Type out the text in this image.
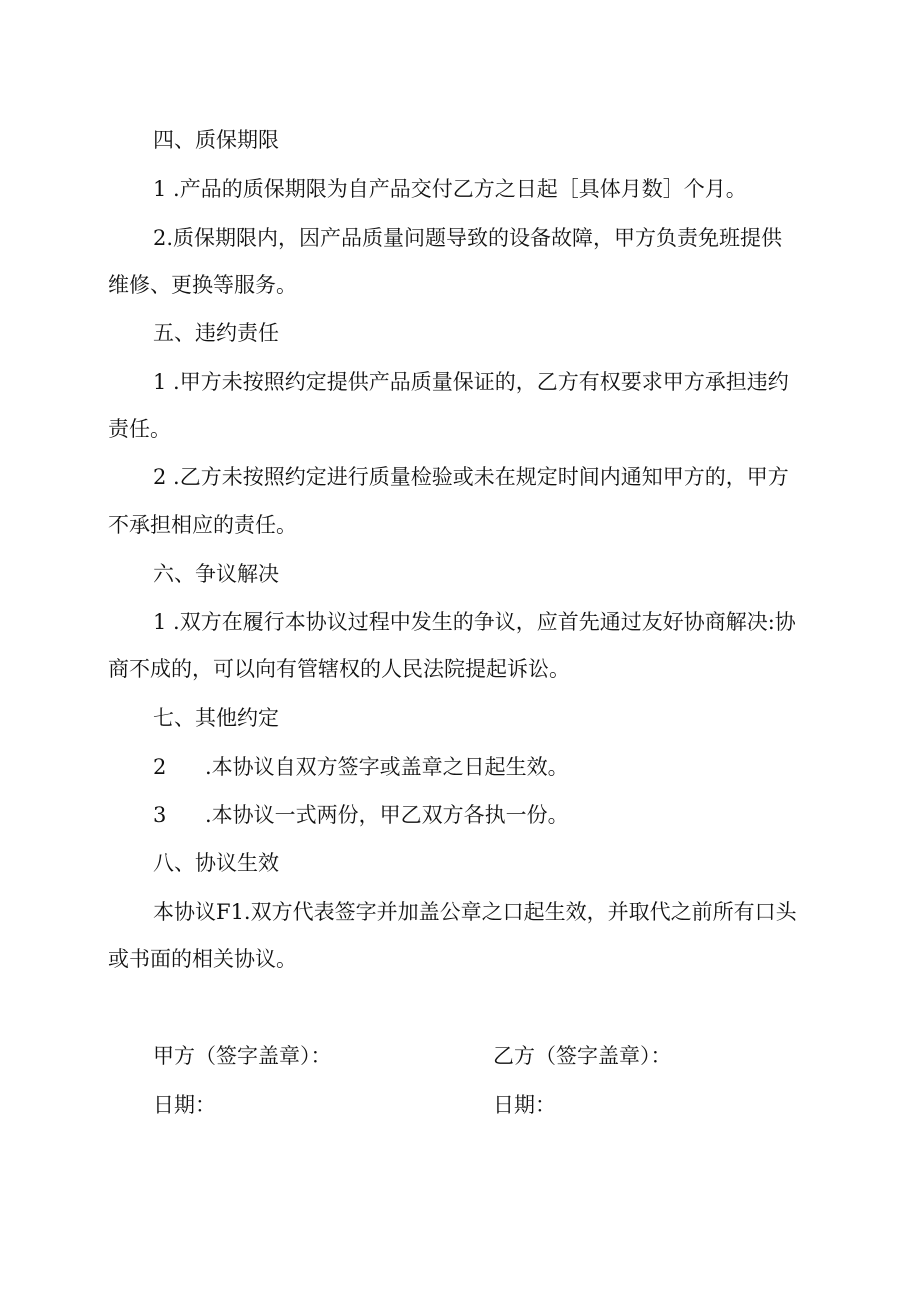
四、质保期限
1 .产品的质保期限为自产品交付乙方之日起［具体月数］个月。
2.质保期限内，因产品质量问题导致的设备故障，甲方负责免班提供
维修、更换等服务。
五、违约责任
1 .甲方未按照约定提供产品质量保证的，乙方有权要求甲方承担违约
责任。
2 .乙方未按照约定进行质量检验或未在规定时间内通知甲方的，甲方
不承担相应的责任。
六、争议解决
1 .双方在履行本协议过程中发生的争议，应首先通过友好协商解决:协
商不成的，可以向有管辖权的人民法院提起诉讼。
七、其他约定
2 .本协议自双方签字或盖章之日起生效。
3 .本协议一式两份，甲乙双方各执一份。
八、协议生效
本协议F1.双方代表签字并加盖公章之口起生效，并取代之前所有口头
或书面的相关协议。
甲方（签字盖章）：	乙方（签字盖章）：
日期：	日期：
